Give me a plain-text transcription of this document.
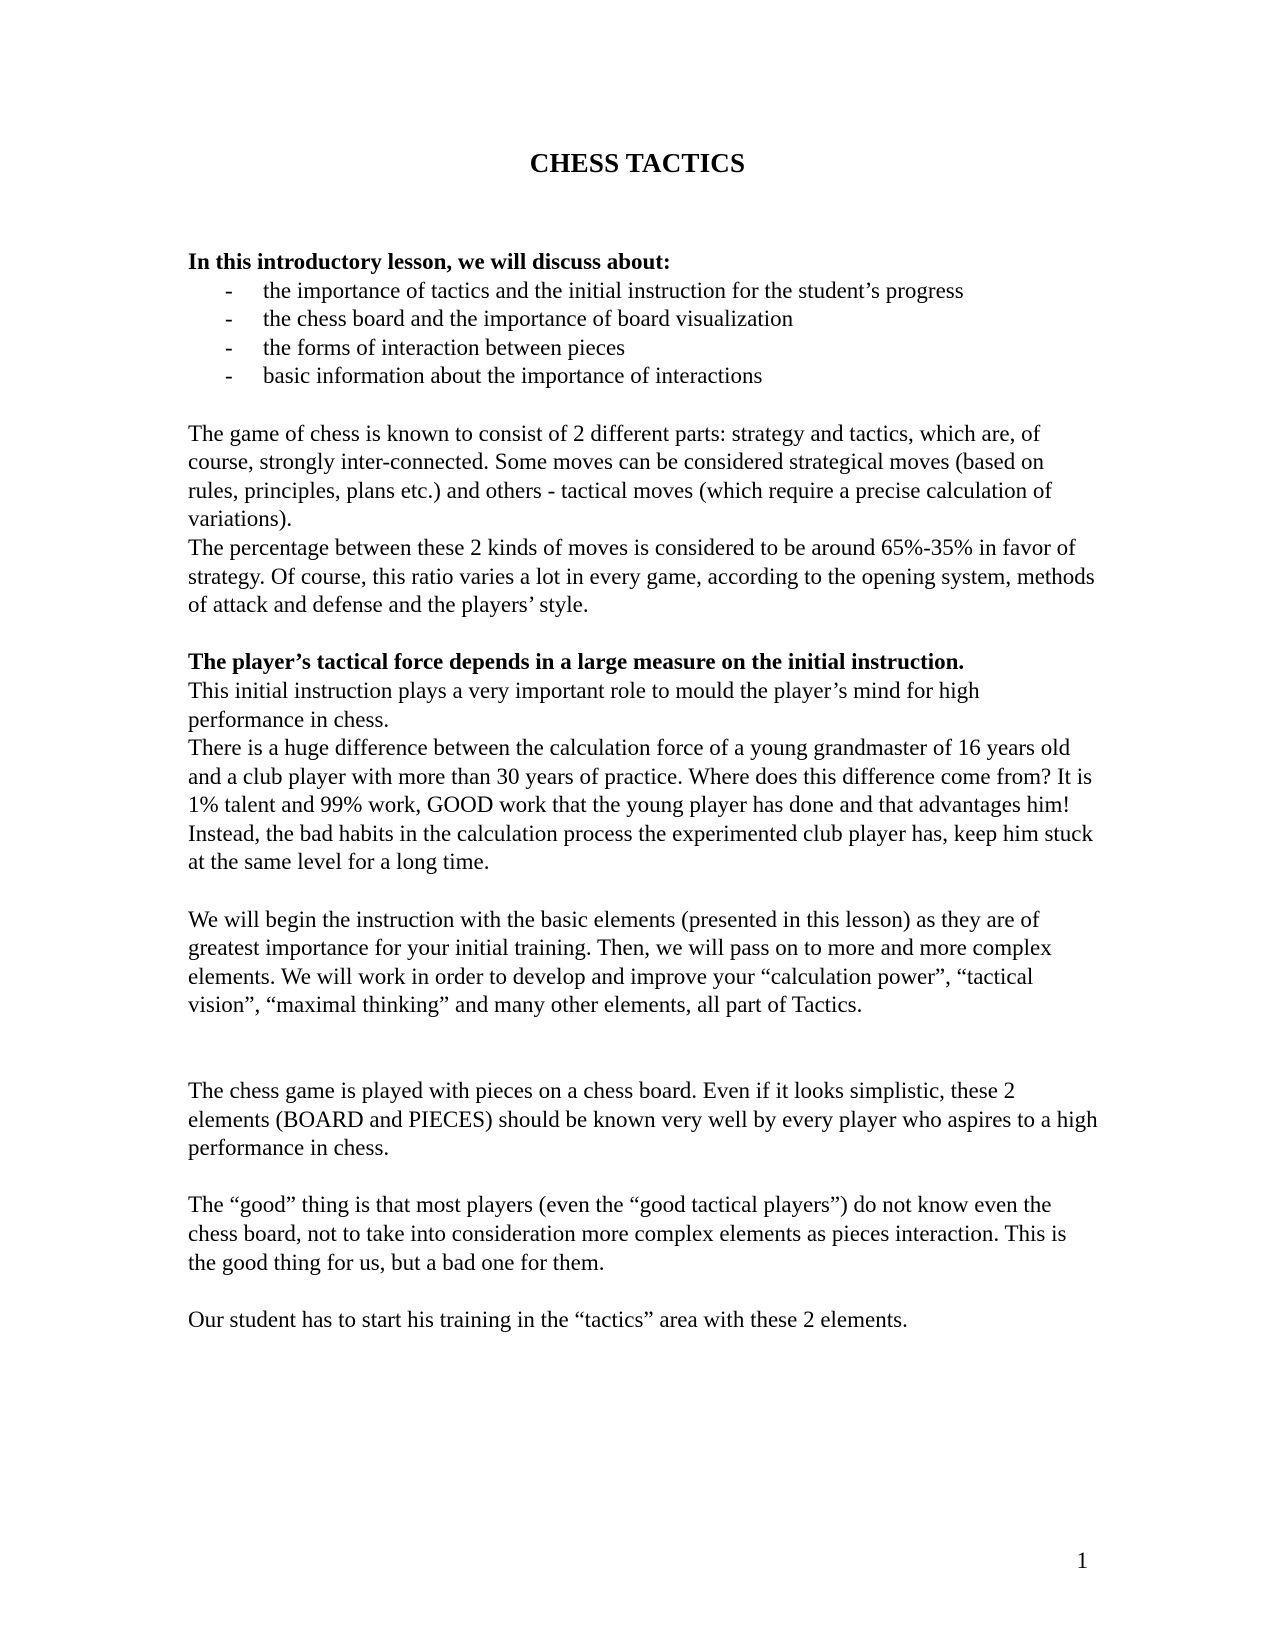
CHESS TACTICS

In this introductory lesson, we will discuss about:

- the importance of tactics and the initial instruction for the student’s progress
- the chess board and the importance of board visualization
- the forms of interaction between pieces
- basic information about the importance of interactions

The game of chess is known to consist of 2 different parts: strategy and tactics, which are, of course, strongly inter-connected. Some moves can be considered strategical moves (based on rules, principles, plans etc.) and others - tactical moves (which require a precise calculation of variations).

The percentage between these 2 kinds of moves is considered to be around 65%-35% in favor of strategy. Of course, this ratio varies a lot in every game, according to the opening system, methods of attack and defense and the players’ style.

The player’s tactical force depends in a large measure on the initial instruction.

This initial instruction plays a very important role to mould the player’s mind for high performance in chess.

There is a huge difference between the calculation force of a young grandmaster of 16 years old and a club player with more than 30 years of practice. Where does this difference come from? It is 1% talent and 99% work, GOOD work that the young player has done and that advantages him! Instead, the bad habits in the calculation process the experimented club player has, keep him stuck at the same level for a long time.

We will begin the instruction with the basic elements (presented in this lesson) as they are of greatest importance for your initial training. Then, we will pass on to more and more complex elements. We will work in order to develop and improve your “calculation power”, “tactical vision”, “maximal thinking” and many other elements, all part of Tactics.

The chess game is played with pieces on a chess board. Even if it looks simplistic, these 2 elements (BOARD and PIECES) should be known very well by every player who aspires to a high performance in chess.

The “good” thing is that most players (even the “good tactical players”) do not know even the chess board, not to take into consideration more complex elements as pieces interaction. This is the good thing for us, but a bad one for them.

Our student has to start his training in the “tactics” area with these 2 elements.

1
